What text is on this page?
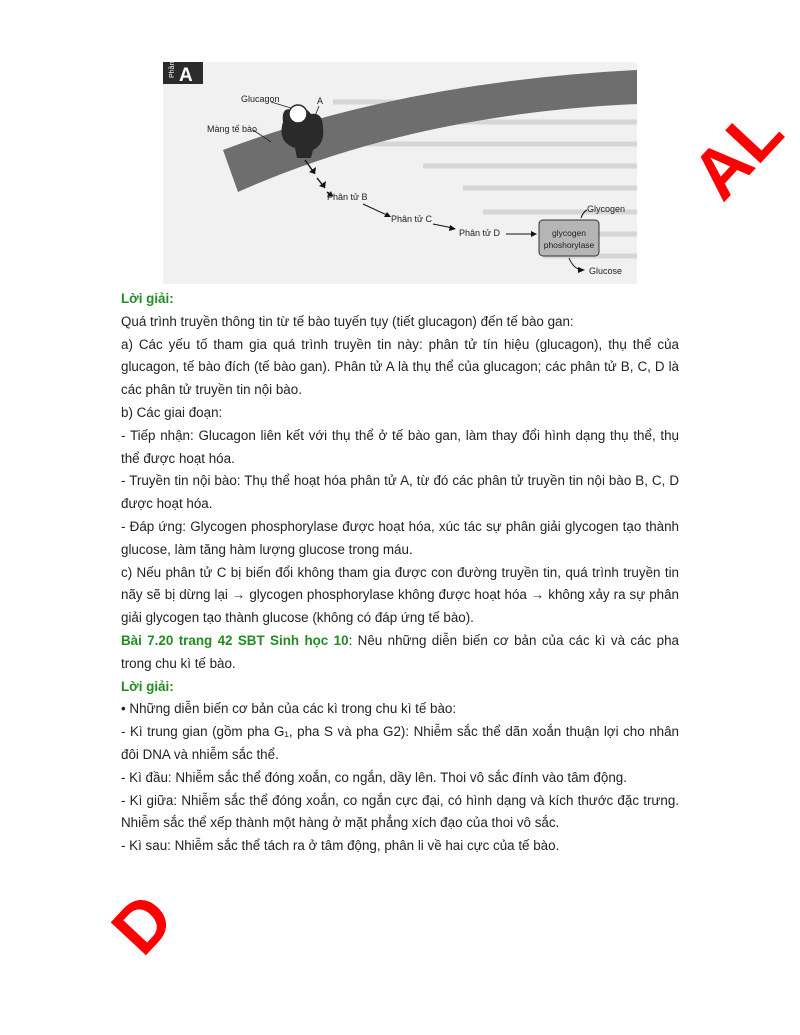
Phần A
Glucagon	A
Màng tế bào
Phân tử B
Phân tử C
Phân tử D	glycogen
phoshorylase
Glycogen
Glucose

Lời giải:

Quá trình truyền thông tin từ tế bào tuyến tụy (tiết glucagon) đến tế bào gan:

a) Các yếu tố tham gia quá trình truyền tin này: phân tử tín hiệu (glucagon), thụ thể của glucagon, tế bào đích (tế bào gan). Phân tử A là thụ thể của glucagon; các phân tử B, C, D là các phân tử truyền tin nội bào.

b) Các giai đoạn:

- Tiếp nhận: Glucagon liên kết với thụ thể ở tế bào gan, làm thay đổi hình dạng thụ thể, thụ thể được hoạt hóa.

- Truyền tin nội bào: Thụ thể hoạt hóa phân tử A, từ đó các phân tử truyền tin nội bào B, C, D được hoạt hóa.

- Đáp ứng: Glycogen phosphorylase được hoạt hóa, xúc tác sự phân giải glycogen tạo thành glucose, làm tăng hàm lượng glucose trong máu.

c) Nếu phân tử C bị biến đổi không tham gia được con đường truyền tin, quá trình truyền tin nãy sẽ bị dừng lại → glycogen phosphorylase không được hoạt hóa → không xảy ra sự phân giải glycogen tạo thành glucose (không có đáp ứng tế bào).

Bài 7.20 trang 42 SBT Sinh học 10: Nêu những diễn biến cơ bản của các kì và các pha trong chu kì tế bào.

Lời giải:

• Những diễn biến cơ bản của các kì trong chu kì tế bào:

- Kì trung gian (gồm pha G₁, pha S và pha G2): Nhiễm sắc thể dãn xoắn thuận lợi cho nhân đôi DNA và nhiễm sắc thể.

- Kì đầu: Nhiễm sắc thể đóng xoắn, co ngắn, dầy lên. Thoi vô sắc đính vào tâm động.

- Kì giữa: Nhiễm sắc thể đóng xoắn, co ngắn cực đại, có hình dạng và kích thước đặc trưng. Nhiễm sắc thể xếp thành một hàng ở mặt phẳng xích đạo của thoi vô sắc.

- Kì sau: Nhiễm sắc thể tách ra ở tâm động, phân li về hai cực của tế bào.

AL
D
